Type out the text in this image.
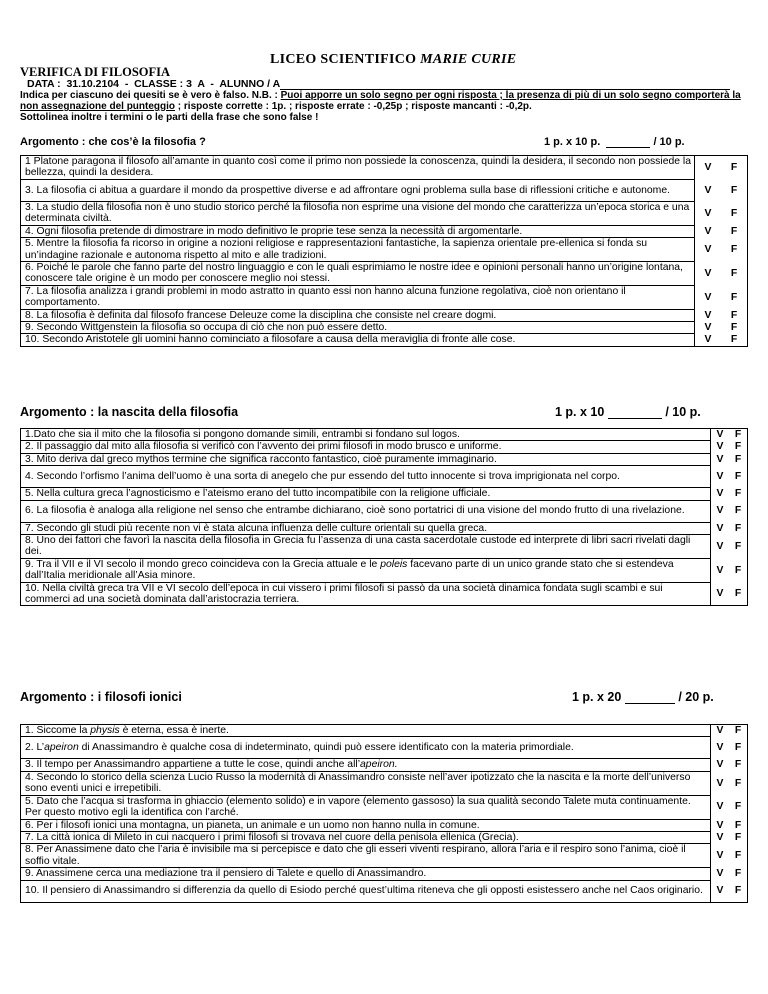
LICEO SCIENTIFICO MARIE CURIE
VERIFICA DI FILOSOFIA
DATA :  31.10.2104  -  CLASSE : 3  A  -  ALUNNO / A
Indica per ciascuno dei quesiti se è vero è falso. N.B. : Puoi apporre un solo segno per ogni risposta ; la presenza di più di un solo segno comporterà la non assegnazione del punteggio ; risposte corrette : 1p. ; risposte errate : -0,25p ; risposte mancanti : -0,2p.
Sottolinea inoltre i termini o le parti della frase che sono false !
Argomento : che cos’è la filosofia ?	1 p. x 10 p.	/ 10 p.
1 Platone paragona il filosofo all’amante in quanto così come il primo non possiede la conoscenza, quindi la desidera, il secondo non possiede la bellezza, quindi la desidera.	V	F
3. La filosofia ci abitua a guardare il mondo da prospettive diverse e ad affrontare ogni problema sulla base di riflessioni critiche e autonome.	V	F
3. La studio della filosofia non è uno studio storico perché la filosofia non esprime una visione del mondo che caratterizza un’epoca storica e una determinata civiltà.	V	F
4. Ogni filosofia pretende di dimostrare in modo definitivo le proprie tese senza la necessità di argomentarle.	V	F
5. Mentre la filosofia fa ricorso in origine a nozioni religiose e rappresentazioni fantastiche, la sapienza orientale pre-ellenica si fonda su un’indagine razionale e autonoma rispetto al mito e alle tradizioni.	V	F
6. Poiché le parole che fanno parte del nostro linguaggio e con le quali esprimiamo le nostre idee e opinioni personali hanno un’origine lontana, conoscere tale origine è un modo per conoscere meglio noi stessi.	V	F
7. La filosofia analizza i grandi problemi in modo astratto in quanto essi non hanno alcuna funzione regolativa, cioè non orientano il comportamento.	V	F
8. La filosofia è definita dal filosofo francese Deleuze come la disciplina che consiste nel creare dogmi.	V	F
9. Secondo Wittgenstein la filosofia so occupa di ciò che non può essere detto.	V	F
10. Secondo Aristotele gli uomini hanno cominciato a filosofare a causa della meraviglia di fronte alle cose.	V	F
Argomento : la nascita della filosofia	1 p. x 10	/ 10 p.
1.Dato che sia il mito che la filosofia si pongono domande simili, entrambi si fondano sul logos.	V	F
2. Il passaggio dal mito alla filosofia si verificò con l’avvento dei primi filosofi in modo brusco e uniforme.	V	F
3. Mito deriva dal greco mythos termine che significa racconto fantastico, cioè puramente immaginario.	V	F
4. Secondo l’orfismo l’anima dell’uomo è una sorta di anegelo che pur essendo del tutto innocente si trova imprigionata nel corpo.	V	F
5. Nella cultura greca l’agnosticismo e l’ateismo erano del tutto incompatibile con la religione ufficiale.	V	F
6. La filosofia è analoga alla religione nel senso che entrambe dichiarano, cioè sono portatrici di una visione del mondo frutto di una rivelazione.	V	F
7. Secondo gli studi più recente non vi è stata alcuna influenza delle culture orientali su quella greca.	V	F
8. Uno dei fattori che favorì la nascita della filosofia in Grecia fu l’assenza di una casta sacerdotale custode ed interprete di libri sacri rivelati dagli dei.	V	F
9. Tra il VII e il VI secolo il mondo greco coincideva con la Grecia attuale e le poleis facevano parte di un unico grande stato che si estendeva dall’Italia meridionale all’Asia minore.	V	F
10. Nella civiltà greca tra VII e VI secolo dell’epoca in cui vissero i primi filosofi si passò da una società dinamica fondata sugli scambi e sui commerci ad una società dominata dall’aristocrazia terriera.	V	F
Argomento : i filosofi ionici	1 p. x 20	/ 20 p.
1. Siccome la physis è eterna, essa è inerte.	V	F
2. L’apeiron di Anassimandro è qualche cosa di indeterminato, quindi può essere identificato con la materia primordiale.	V	F
3. Il tempo per Anassimandro appartiene a tutte le cose, quindi anche all’apeiron.	V	F
4. Secondo lo storico della scienza Lucio Russo la modernità di Anassimandro consiste nell’aver ipotizzato che la nascita e la morte dell’universo sono eventi unici e irrepetibili.	V	F
5. Dato che l’acqua si trasforma in ghiaccio (elemento solido) e in vapore (elemento gassoso) la sua qualità secondo Talete muta continuamente. Per questo motivo egli la identifica con l’arché.	V	F
6. Per i filosofi ionici una montagna, un pianeta, un animale e un uomo non hanno nulla in comune.	V	F
7. La città ionica di Mileto in cui nacquero i primi filosofi si trovava nel cuore della penisola ellenica (Grecia).	V	F
8. Per Anassimene dato che l’aria è invisibile ma si percepisce e dato che gli esseri viventi respirano, allora l’aria e il respiro sono l’anima, cioè il soffio vitale.	V	F
9. Anassimene cerca una mediazione tra il pensiero di Talete e quello di Anassimandro.	V	F
10. Il pensiero di Anassimandro si differenzia da quello di Esiodo perché quest’ultima riteneva che gli opposti esistessero anche nel Caos originario.	V	F
